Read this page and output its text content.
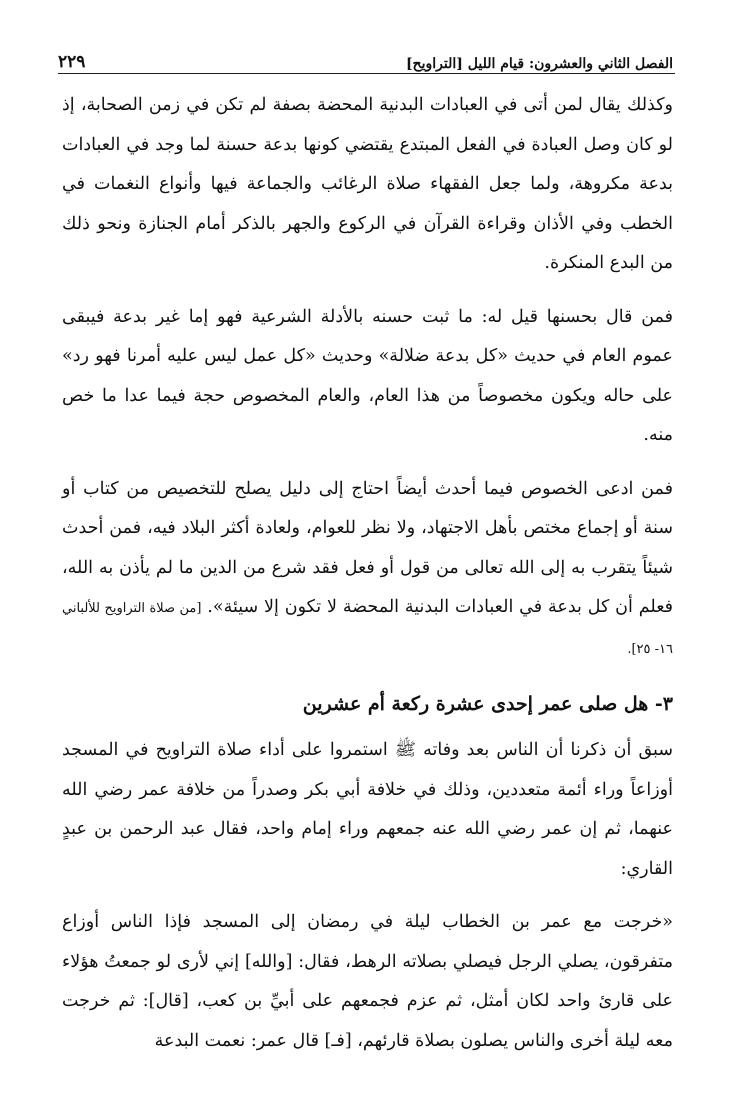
الفصل الثاني والعشرون: قيام الليل [التراويح]
٢٢٩

وكذلك يقال لمن أتى في العبادات البدنية المحضة بصفة لم تكن في زمن الصحابة، إذ لو كان وصل العبادة في الفعل المبتدع يقتضي كونها بدعة حسنة لما وجد في العبادات بدعة مكروهة، ولما جعل الفقهاء صلاة الرغائب والجماعة فيها وأنواع النغمات في الخطب وفي الأذان وقراءة القرآن في الركوع والجهر بالذكر أمام الجنازة ونحو ذلك من البدع المنكرة.

فمن قال بحسنها قيل له: ما ثبت حسنه بالأدلة الشرعية فهو إما غير بدعة فيبقى عموم العام في حديث «كل بدعة ضلالة» وحديث «كل عمل ليس عليه أمرنا فهو رد» على حاله ويكون مخصوصاً من هذا العام، والعام المخصوص حجة فيما عدا ما خص منه.

فمن ادعى الخصوص فيما أحدث أيضاً احتاج إلى دليل يصلح للتخصيص من كتاب أو سنة أو إجماع مختص بأهل الاجتهاد، ولا نظر للعوام، ولعادة أكثر البلاد فيه، فمن أحدث شيئاً يتقرب به إلى الله تعالى من قول أو فعل فقد شرع من الدين ما لم يأذن به الله، فعلم أن كل بدعة في العبادات البدنية المحضة لا تكون إلا سيئة». [من صلاة التراويح للألباني ١٦- ٢٥].

٣- هل صلى عمر إحدى عشرة ركعة أم عشرين

سبق أن ذكرنا أن الناس بعد وفاته ﷺ استمروا على أداء صلاة التراويح في المسجد أوزاعاً وراء أئمة متعددين، وذلك في خلافة أبي بكر وصدراً من خلافة عمر رضي الله عنهما، ثم إن عمر رضي الله عنه جمعهم وراء إمام واحد، فقال عبد الرحمن بن عبدٍ القاري:

«خرجت مع عمر بن الخطاب ليلة في رمضان إلى المسجد فإذا الناس أوزاع متفرقون، يصلي الرجل فيصلي بصلاته الرهط، فقال: [والله] إني لأرى لو جمعتُ هؤلاء على قارئ واحد لكان أمثل، ثم عزم فجمعهم على أبيِّ بن كعب، [قال]: ثم خرجت معه ليلة أخرى والناس يصلون بصلاة قارئهم، [فـ] قال عمر: نعمت البدعة
